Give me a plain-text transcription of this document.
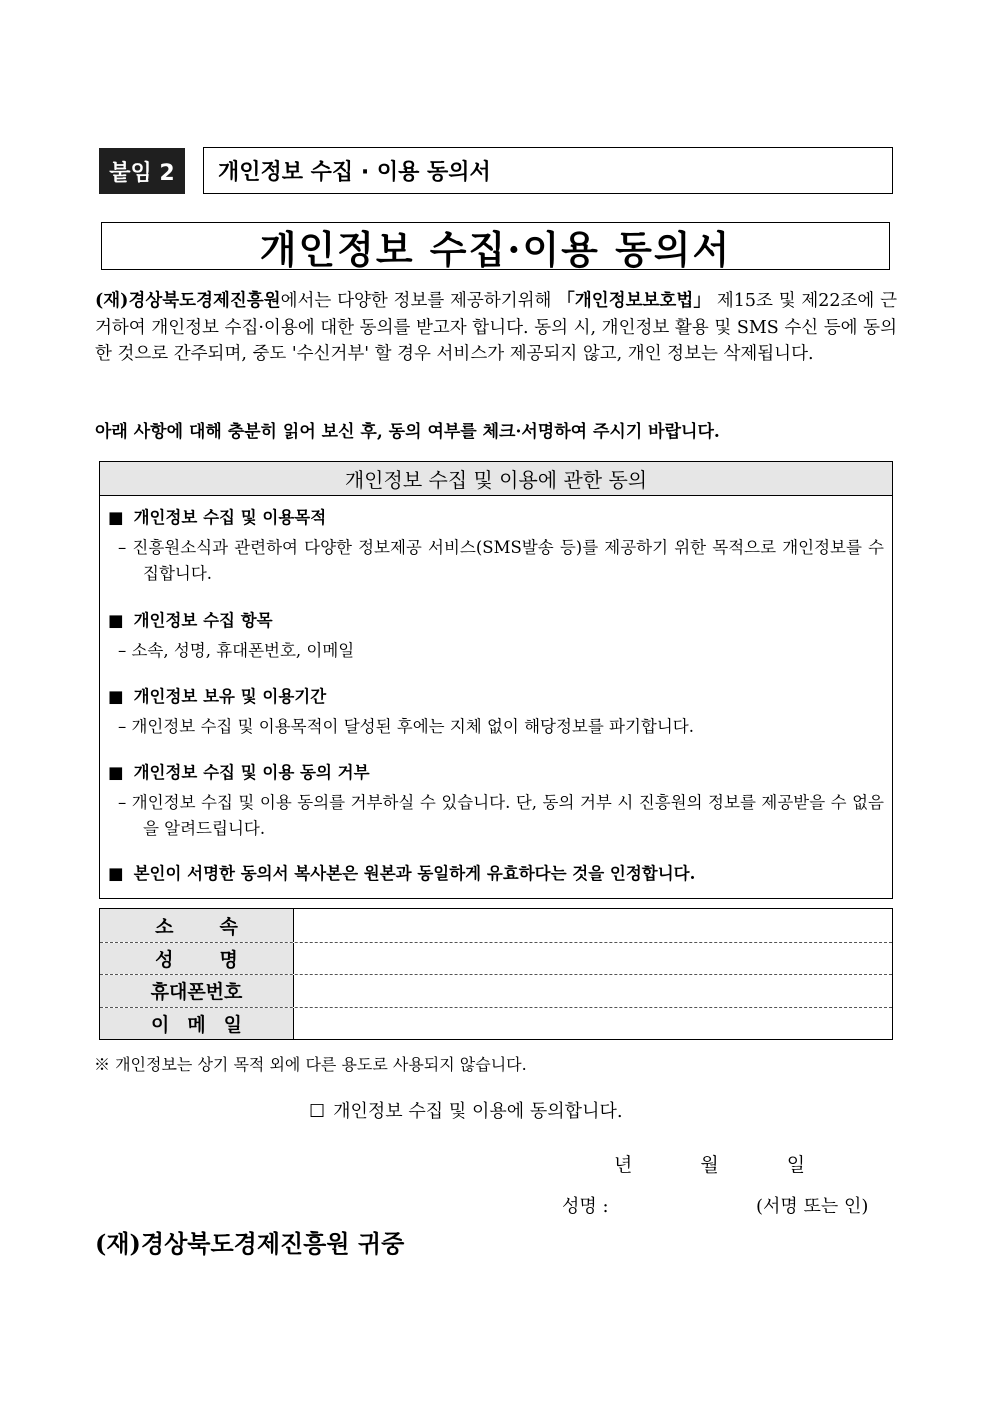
붙임 2	개인정보 수집 · 이용 동의서
개인정보 수집·이용 동의서
(재)경상북도경제진흥원에서는 다양한 정보를 제공하기위해 「개인정보보호법」 제15조 및 제22조에 근거하여 개인정보 수집·이용에 대한 동의를 받고자 합니다. 동의 시, 개인정보 활용 및 SMS 수신 등에 동의한 것으로 간주되며, 중도 '수신거부' 할 경우 서비스가 제공되지 않고, 개인 정보는 삭제됩니다.
아래 사항에 대해 충분히 읽어 보신 후, 동의 여부를 체크·서명하여 주시기 바랍니다.
개인정보 수집 및 이용에 관한 동의
■ 개인정보 수집 및 이용목적
– 진흥원소식과 관련하여 다양한 정보제공 서비스(SMS발송 등)를 제공하기 위한 목적으로 개인정보를 수집합니다.
■ 개인정보 수집 항목
– 소속, 성명, 휴대폰번호, 이메일
■ 개인정보 보유 및 이용기간
– 개인정보 수집 및 이용목적이 달성된 후에는 지체 없이 해당정보를 파기합니다.
■ 개인정보 수집 및 이용 동의 거부
– 개인정보 수집 및 이용 동의를 거부하실 수 있습니다. 단, 동의 거부 시 진흥원의 정보를 제공받을 수 없음을 알려드립니다.
■ 본인이 서명한 동의서 복사본은 원본과 동일하게 유효하다는 것을 인정합니다.
소속
성명
휴대폰번호
이메일
※ 개인정보는 상기 목적 외에 다른 용도로 사용되지 않습니다.
☐ 개인정보 수집 및 이용에 동의합니다.
년	월	일
성명 :	(서명 또는 인)
(재)경상북도경제진흥원 귀중
